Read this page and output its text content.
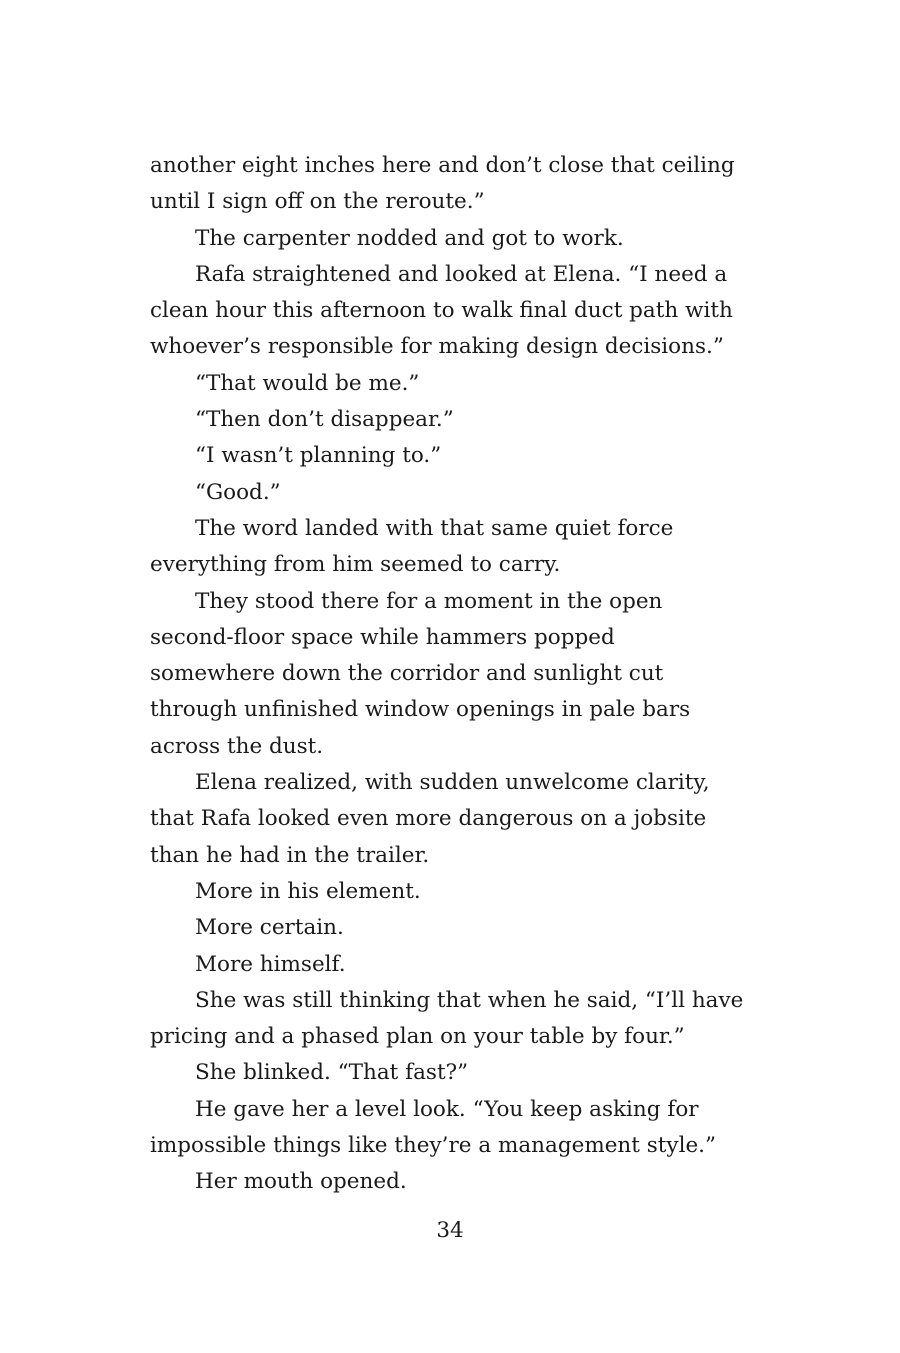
another eight inches here and don’t close that ceiling
until I sign off on the reroute.”
The carpenter nodded and got to work.
Rafa straightened and looked at Elena. “I need a
clean hour this afternoon to walk final duct path with
whoever’s responsible for making design decisions.”
“That would be me.”
“Then don’t disappear.”
“I wasn’t planning to.”
“Good.”
The word landed with that same quiet force
everything from him seemed to carry.
They stood there for a moment in the open
second-floor space while hammers popped
somewhere down the corridor and sunlight cut
through unfinished window openings in pale bars
across the dust.
Elena realized, with sudden unwelcome clarity,
that Rafa looked even more dangerous on a jobsite
than he had in the trailer.
More in his element.
More certain.
More himself.
She was still thinking that when he said, “I’ll have
pricing and a phased plan on your table by four.”
She blinked. “That fast?”
He gave her a level look. “You keep asking for
impossible things like they’re a management style.”
Her mouth opened.
34
